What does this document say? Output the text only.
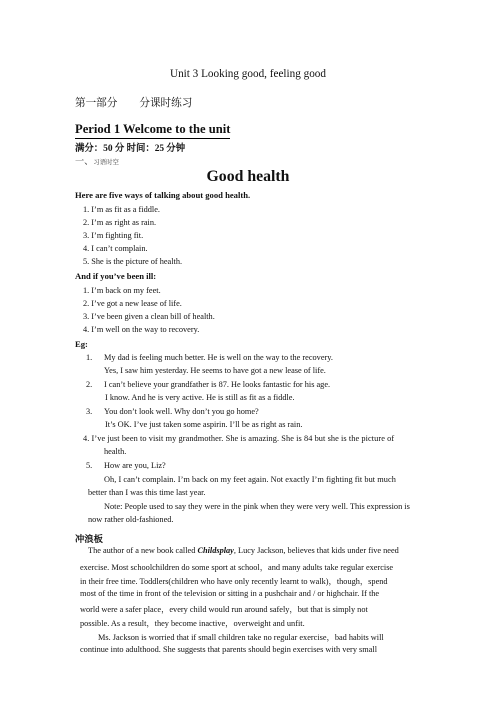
Unit 3 Looking good, feeling good
第一部分 分课时练习
Period 1 Welcome to the unit
满分：50 分 时间：25 分钟
一、习语时空
Good health
Here are five ways of talking about good health.
1. I’m as fit as a fiddle.
2. I’m as right as rain.
3. I’m fighting fit.
4. I can’t complain.
5. She is the picture of health.
And if you’ve been ill:
1. I’m back on my feet.
2. I’ve got a new lease of life.
3. I’ve been given a clean bill of health.
4. I’m well on the way to recovery.
Eg:
1. My dad is feeling much better. He is well on the way to the recovery.
Yes, I saw him yesterday. He seems to have got a new lease of life.
2. I can’t believe your grandfather is 87. He looks fantastic for his age.
I know. And he is very active. He is still as fit as a fiddle.
3. You don’t look well. Why don’t you go home?
It’s OK. I’ve just taken some aspirin. I’ll be as right as rain.
4. I’ve just been to visit my grandmother. She is amazing. She is 84 but she is the picture of
health.
5. How are you, Liz?
Oh, I can’t complain. I’m back on my feet again. Not exactly I’m fighting fit but much
better than I was this time last year.
Note: People used to say they were in the pink when they were very well. This expression is
now rather old-fashioned.
冲浪板
The author of a new book called Childsplay, Lucy Jackson, believes that kids under five need
exercise. Most schoolchildren do some sport at school，and many adults take regular exercise
in their free time. Toddlers(children who have only recently learnt to walk)，though，spend
most of the time in front of the television or sitting in a pushchair and / or highchair. If the
world were a safer place，every child would run around safely，but that is simply not
possible. As a result，they become inactive，overweight and unfit.
Ms. Jackson is worried that if small children take no regular exercise，bad habits will
continue into adulthood. She suggests that parents should begin exercises with very small
